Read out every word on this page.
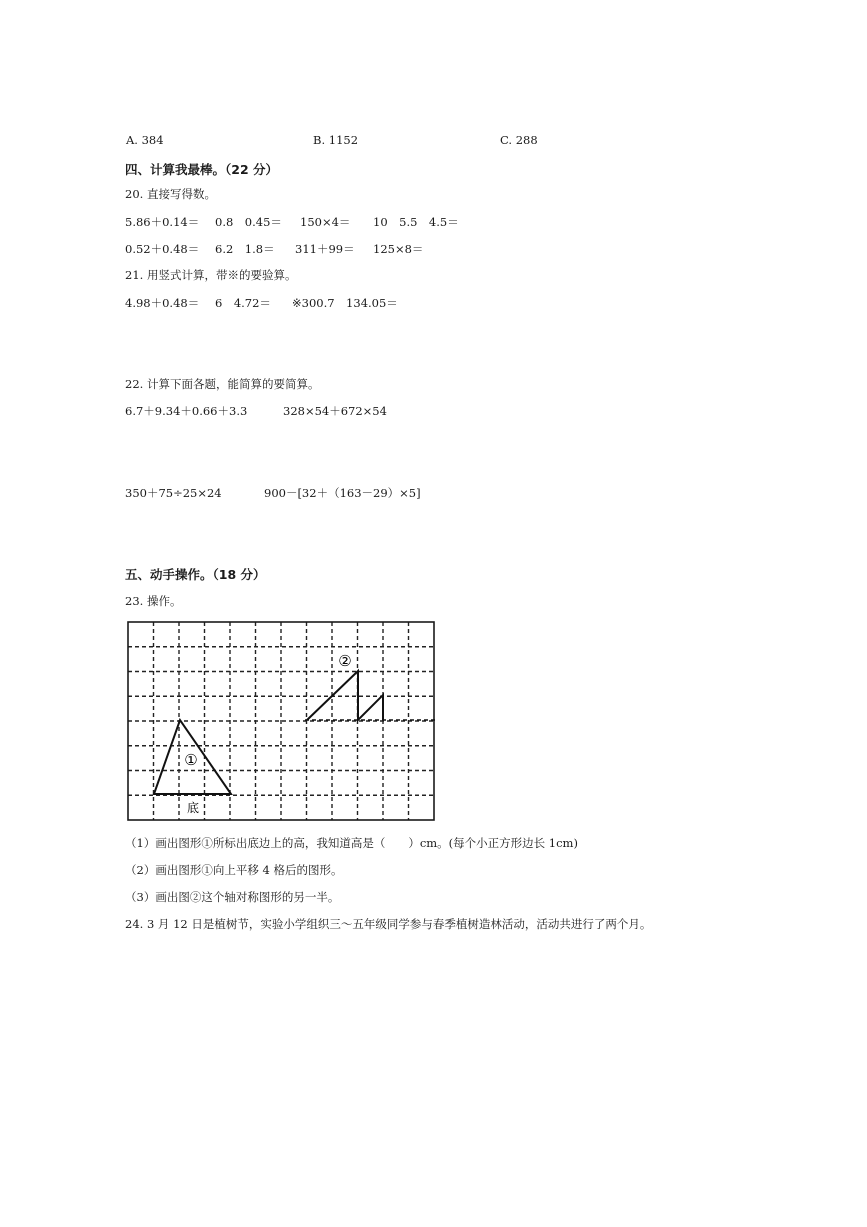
A. 384	B. 1152	C. 288
四、计算我最棒。（22 分）
20. 直接写得数。
5.86＋0.14＝ 0.8　0.45＝ 150×4＝ 10　5.5　4.5＝
0.52＋0.48＝ 6.2　1.8＝ 311＋99＝ 125×8＝
21. 用竖式计算，带※的要验算。
4.98＋0.48＝ 6　4.72＝ ※300.7　134.05＝
22. 计算下面各题，能简算的要简算。
6.7＋9.34＋0.66＋3.3	328×54＋672×54
350＋75÷25×24	900－[32＋（163－29）×5]
五、动手操作。（18 分）
23. 操作。
①
②
底
（1）画出图形①所标出底边上的高，我知道高是（　　）cm。(每个小正方形边长 1cm)
（2）画出图形①向上平移 4 格后的图形。
（3）画出图②这个轴对称图形的另一半。
24. 3 月 12 日是植树节，实验小学组织三～五年级同学参与春季植树造林活动，活动共进行了两个月。
